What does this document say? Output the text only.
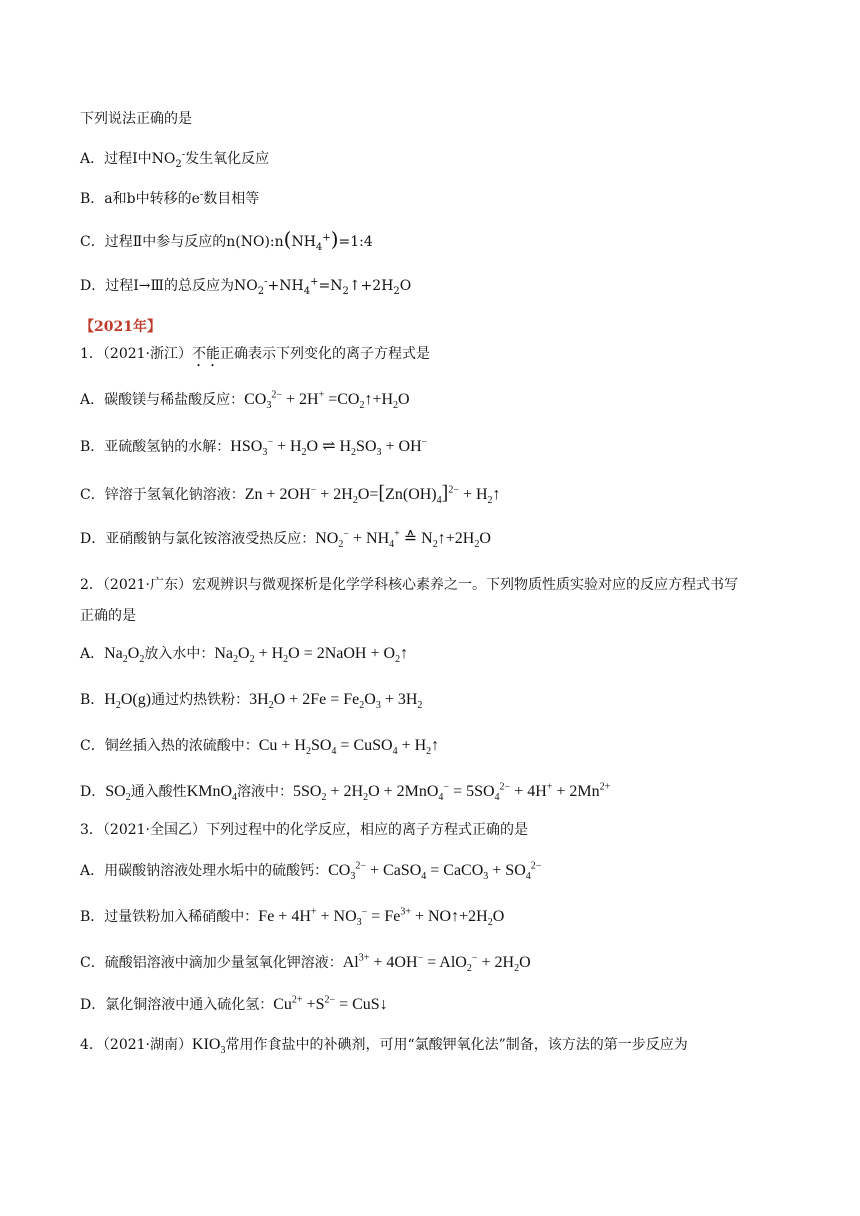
下列说法正确的是
A．过程Ⅰ中$NO_2^-$发生氧化反应
B．a和b中转移的e-数目相等
C．过程Ⅱ中参与反应的$n(NO):n(NH_4^+)=1:4$
D．过程Ⅰ→Ⅲ的总反应为$NO_2^-+NH_4^+=N_2↑+2H_2O$
【2021年】
1．（2021·浙江）不能正确表示下列变化的离子方程式是
A．碳酸镁与稀盐酸反应：$CO_3^{2-} + 2H^+$ $=CO_2↑+H_2O$
B．亚硫酸氢钠的水解：$HSO_3^- + H_2O$ ⇌ $H_2SO_3 + OH^-$
C．锌溶于氢氧化钠溶液：$Zn + 2OH^- + 2H_2O=[Zn(OH)_4]^{2-}$ + $H_2↑$
D．亚硝酸钠与氯化铵溶液受热反应：$NO_2^- + NH_4^+$ ≙ $N_2↑+2H_2O$
2．（2021·广东）宏观辨识与微观探析是化学学科核心素养之一。下列物质性质实验对应的反应方程式书写
正确的是
A．$Na_2O_2$放入水中：$Na_2O_2 + H_2O$ = 2NaOH + $O_2↑$
B．$H_2O(g)$通过灼热铁粉：$3H_2O + 2Fe = Fe_2O_3 + 3H_2$
C．铜丝插入热的浓硫酸中：$Cu + H_2SO_4$ = CuSO$_4$ + $H_2↑$
D．$SO_2$通入酸性KMnO$_4$溶液中：$5SO_2 + 2H_2O + 2MnO_4^- = 5SO_4^{2-} + 4H^+ + 2Mn^{2+}$
3．（2021·全国乙）下列过程中的化学反应，相应的离子方程式正确的是
A．用碳酸钠溶液处理水垢中的硫酸钙：$CO_3^{2-}$ + CaSO$_4$ = CaCO$_3$ + $SO_4^{2-}$
B．过量铁粉加入稀硝酸中：$Fe + 4H^+ + NO_3^- = Fe^{3+}$ + $NO↑+2H_2O$
C．硫酸铝溶液中滴加少量氢氧化钾溶液：$Al^{3+} + 4OH^- = AlO_2^- + 2H_2O$
D．氯化铜溶液中通入硫化氢：$Cu^{2+} +S^{2-}$ = CuS↓
4．（2021·湖南）$KIO_3$常用作食盐中的补碘剂，可用“氯酸钾氧化法”制备，该方法的第一步反应为
